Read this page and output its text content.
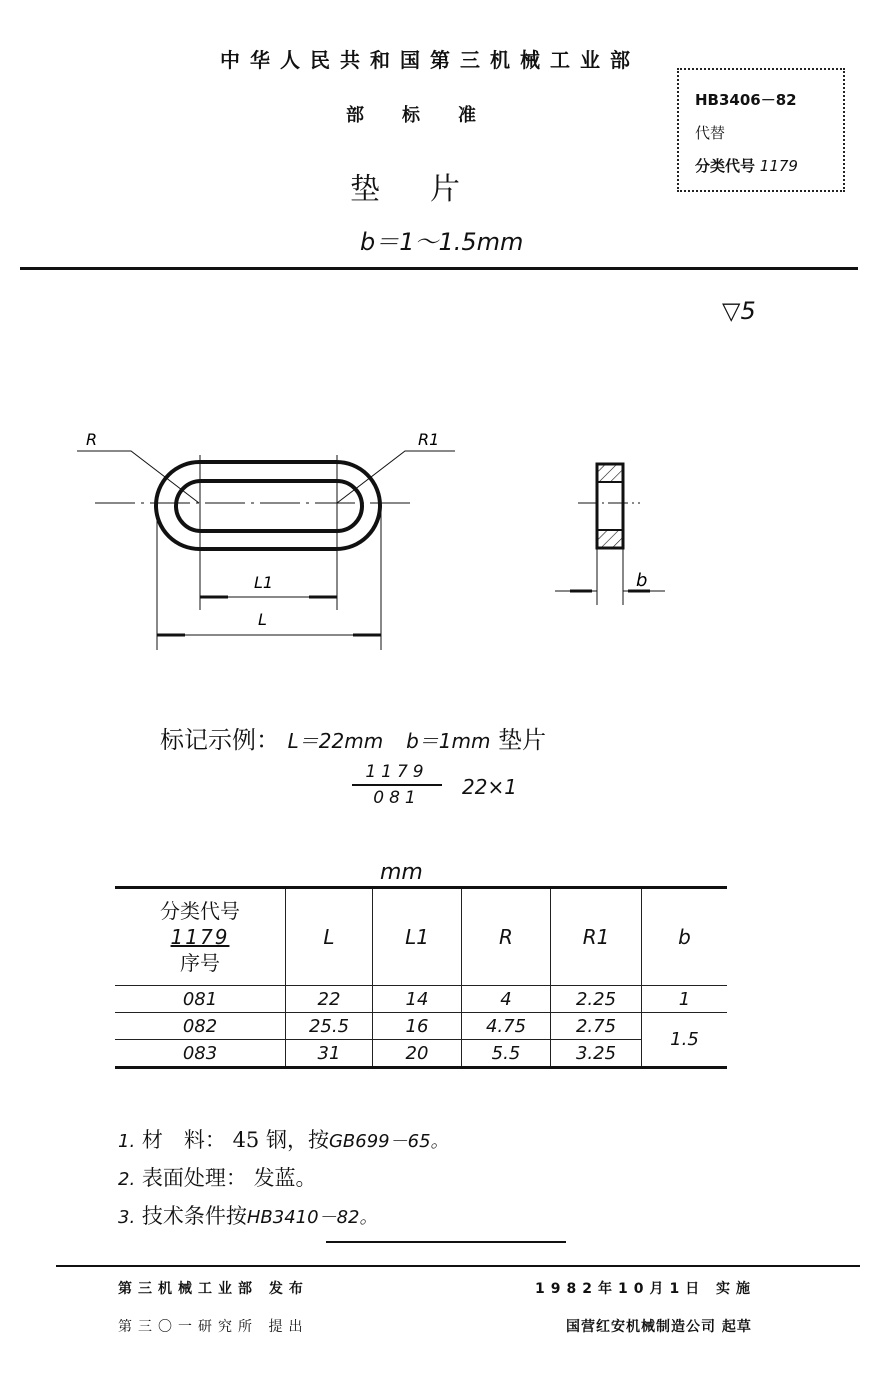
中华人民共和国第三机械工业部
部标准
垫片
b＝1～1.5mm
HB3406－82
代替
分类代号 1179
▽5
R	R1
L1
L
b
标记示例： L＝22mm b＝1mm 垫片
1179
081	22×1
mm
分类代号
1179
序号	L	L1	R	R1	b
081	22	14	4	2.25	1
082	25.5	16	4.75	2.75	1.5
083	31	20	5.5	3.25	
1. 材　料： 45 钢，按GB699－65。
2. 表面处理： 发蓝。
3. 技术条件按HB3410－82。
第三机械工业部 发布	1982年10月1日 实施
第三〇一研究所 提出	国营红安机械制造公司 起草
